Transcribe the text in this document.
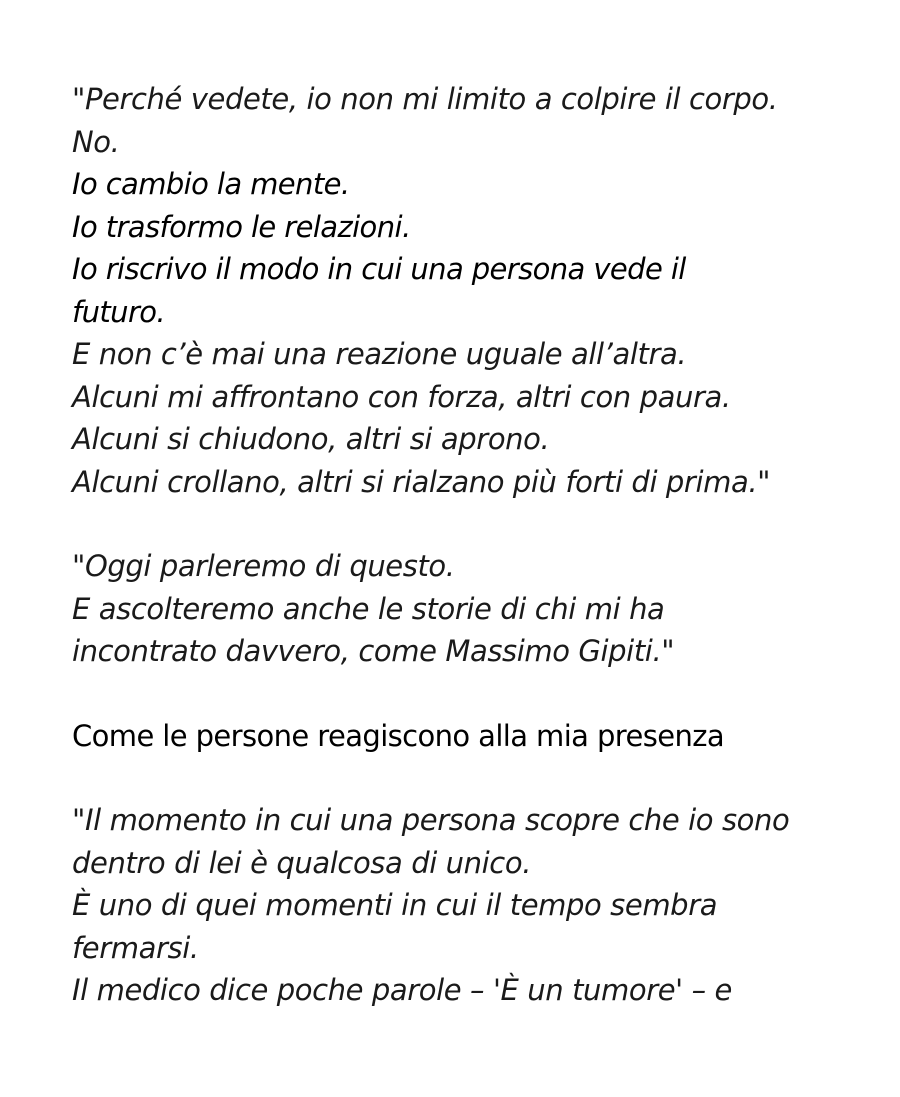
"Perché vedete, io non mi limito a colpire il corpo.
No.
Io cambio la mente.
Io trasformo le relazioni.
Io riscrivo il modo in cui una persona vede il
futuro.
E non c’è mai una reazione uguale all’altra.
Alcuni mi affrontano con forza, altri con paura.
Alcuni si chiudono, altri si aprono.
Alcuni crollano, altri si rialzano più forti di prima."
"Oggi parleremo di questo.
E ascolteremo anche le storie di chi mi ha
incontrato davvero, come Massimo Gipiti."
Come le persone reagiscono alla mia presenza
"Il momento in cui una persona scopre che io sono
dentro di lei è qualcosa di unico.
È uno di quei momenti in cui il tempo sembra
fermarsi.
Il medico dice poche parole – 'È un tumore' – e
